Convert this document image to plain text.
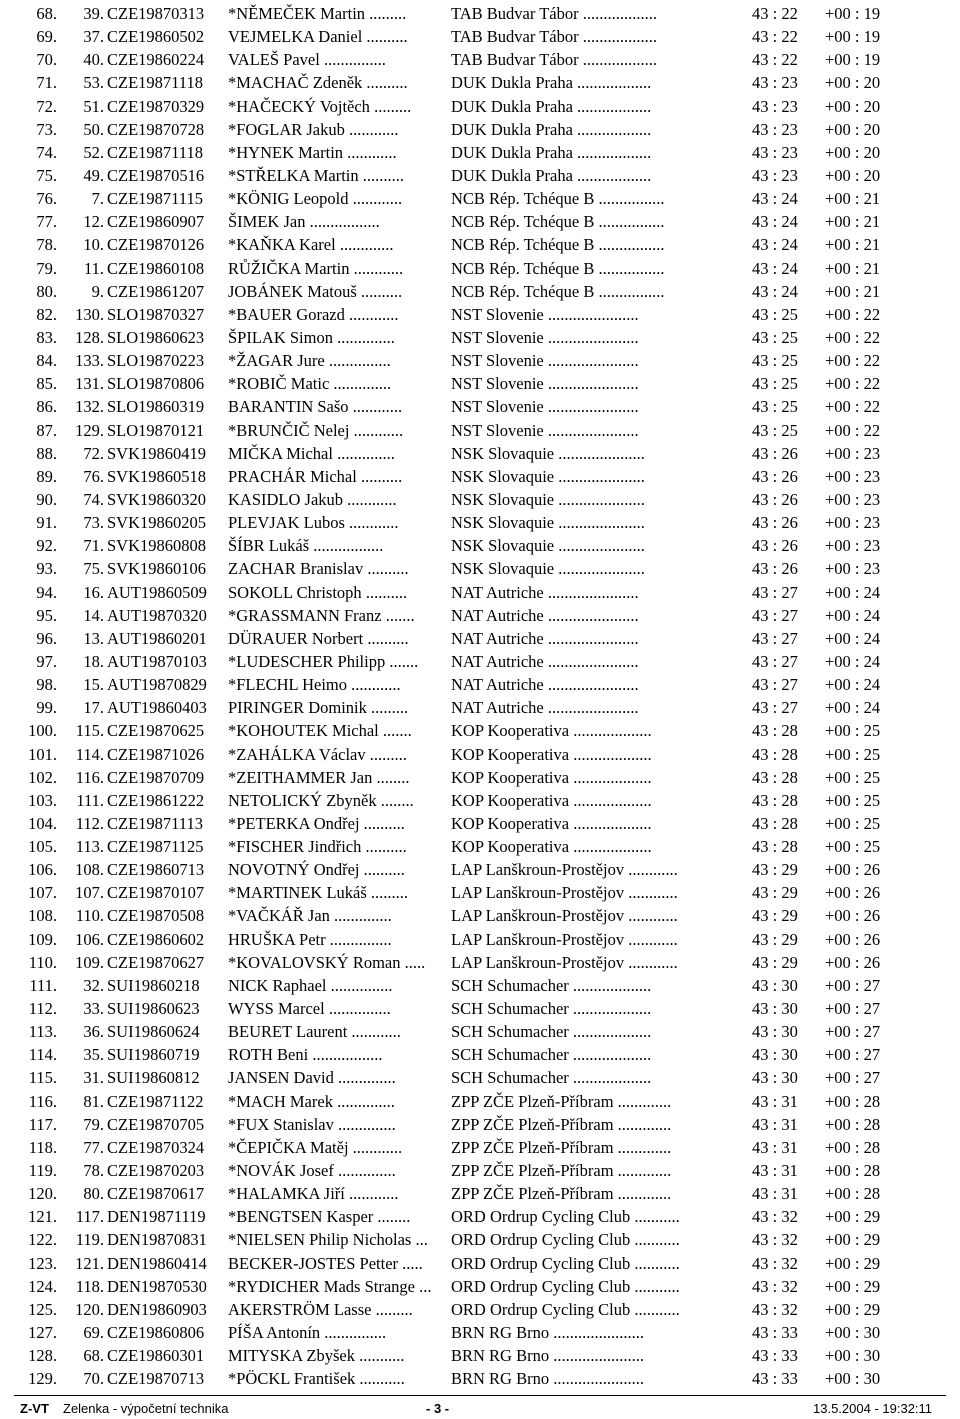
68.	39. CZE19870313 *NĚMEČEK Martin .........	TAB Budvar Tábor ..................	43 : 22 +00 : 19
69.	37. CZE19860502 VEJMELKA Daniel ..........	TAB Budvar Tábor ..................	43 : 22 +00 : 19
70.	40. CZE19860224 VALEŠ Pavel ...............	TAB Budvar Tábor ..................	43 : 22 +00 : 19
71.	53. CZE19871118 *MACHAČ Zdeněk ..........	DUK Dukla Praha ..................	43 : 23 +00 : 20
72.	51. CZE19870329 *HAČECKÝ Vojtěch .........	DUK Dukla Praha ..................	43 : 23 +00 : 20
73.	50. CZE19870728 *FOGLAR Jakub ............	DUK Dukla Praha ..................	43 : 23 +00 : 20
74.	52. CZE19871118 *HYNEK Martin ............	DUK Dukla Praha ..................	43 : 23 +00 : 20
75.	49. CZE19870516 *STŘELKA Martin ..........	DUK Dukla Praha ..................	43 : 23 +00 : 20
76.	7. CZE19871115 *KÖNIG Leopold ............	NCB Rép. Tchéque B ................	43 : 24 +00 : 21
77.	12. CZE19860907 ŠIMEK Jan .................	NCB Rép. Tchéque B ................	43 : 24 +00 : 21
78.	10. CZE19870126 *KAŇKA Karel .............	NCB Rép. Tchéque B ................	43 : 24 +00 : 21
79.	11. CZE19860108 RŮŽIČKA Martin ............	NCB Rép. Tchéque B ................	43 : 24 +00 : 21
80.	9. CZE19861207 JOBÁNEK Matouš ..........	NCB Rép. Tchéque B ................	43 : 24 +00 : 21
82.	130. SLO19870327 *BAUER Gorazd ............	NST Slovenie ......................	43 : 25 +00 : 22
83.	128. SLO19860623 ŠPILAK Simon ..............	NST Slovenie ......................	43 : 25 +00 : 22
84.	133. SLO19870223 *ŽAGAR Jure ...............	NST Slovenie ......................	43 : 25 +00 : 22
85.	131. SLO19870806 *ROBIČ Matic ..............	NST Slovenie ......................	43 : 25 +00 : 22
86.	132. SLO19860319 BARANTIN Sašo ............	NST Slovenie ......................	43 : 25 +00 : 22
87.	129. SLO19870121 *BRUNČIČ Nelej ............	NST Slovenie ......................	43 : 25 +00 : 22
88.	72. SVK19860419 MIČKA Michal ..............	NSK Slovaquie .....................	43 : 26 +00 : 23
89.	76. SVK19860518 PRACHÁR Michal ..........	NSK Slovaquie .....................	43 : 26 +00 : 23
90.	74. SVK19860320 KASIDLO Jakub ............	NSK Slovaquie .....................	43 : 26 +00 : 23
91.	73. SVK19860205 PLEVJAK Lubos ............	NSK Slovaquie .....................	43 : 26 +00 : 23
92.	71. SVK19860808 ŠÍBR Lukáš .................	NSK Slovaquie .....................	43 : 26 +00 : 23
93.	75. SVK19860106 ZACHAR Branislav ..........	NSK Slovaquie .....................	43 : 26 +00 : 23
94.	16. AUT19860509 SOKOLL Christoph ..........	NAT Autriche ......................	43 : 27 +00 : 24
95.	14. AUT19870320 *GRASSMANN Franz .......	NAT Autriche ......................	43 : 27 +00 : 24
96.	13. AUT19860201 DÜRAUER Norbert ..........	NAT Autriche ......................	43 : 27 +00 : 24
97.	18. AUT19870103 *LUDESCHER Philipp .......	NAT Autriche ......................	43 : 27 +00 : 24
98.	15. AUT19870829 *FLECHL Heimo ............	NAT Autriche ......................	43 : 27 +00 : 24
99.	17. AUT19860403 PIRINGER Dominik .........	NAT Autriche ......................	43 : 27 +00 : 24
100.	115. CZE19870625 *KOHOUTEK Michal .......	KOP Kooperativa ...................	43 : 28 +00 : 25
101.	114. CZE19871026 *ZAHÁLKA Václav .........	KOP Kooperativa ...................	43 : 28 +00 : 25
102.	116. CZE19870709 *ZEITHAMMER Jan ........	KOP Kooperativa ...................	43 : 28 +00 : 25
103.	111. CZE19861222 NETOLICKÝ Zbyněk ........	KOP Kooperativa ...................	43 : 28 +00 : 25
104.	112. CZE19871113 *PETERKA Ondřej ..........	KOP Kooperativa ...................	43 : 28 +00 : 25
105.	113. CZE19871125 *FISCHER Jindřich ..........	KOP Kooperativa ...................	43 : 28 +00 : 25
106.	108. CZE19860713 NOVOTNÝ Ondřej ..........	LAP Lanškroun-Prostějov ............	43 : 29 +00 : 26
107.	107. CZE19870107 *MARTINEK Lukáš .........	LAP Lanškroun-Prostějov ............	43 : 29 +00 : 26
108.	110. CZE19870508 *VAČKÁŘ Jan ..............	LAP Lanškroun-Prostějov ............	43 : 29 +00 : 26
109.	106. CZE19860602 HRUŠKA Petr ...............	LAP Lanškroun-Prostějov ............	43 : 29 +00 : 26
110.	109. CZE19870627 *KOVALOVSKÝ Roman .....	LAP Lanškroun-Prostějov ............	43 : 29 +00 : 26
111.	32. SUI19860218 NICK Raphael ...............	SCH Schumacher ...................	43 : 30 +00 : 27
112.	33. SUI19860623 WYSS Marcel ...............	SCH Schumacher ...................	43 : 30 +00 : 27
113.	36. SUI19860624 BEURET Laurent ............	SCH Schumacher ...................	43 : 30 +00 : 27
114.	35. SUI19860719 ROTH Beni .................	SCH Schumacher ...................	43 : 30 +00 : 27
115.	31. SUI19860812 JANSEN David ..............	SCH Schumacher ...................	43 : 30 +00 : 27
116.	81. CZE19871122 *MACH Marek ..............	ZPP ZČE Plzeň-Příbram .............	43 : 31 +00 : 28
117.	79. CZE19870705 *FUX Stanislav ..............	ZPP ZČE Plzeň-Příbram .............	43 : 31 +00 : 28
118.	77. CZE19870324 *ČEPIČKA Matěj ............	ZPP ZČE Plzeň-Příbram .............	43 : 31 +00 : 28
119.	78. CZE19870203 *NOVÁK Josef ..............	ZPP ZČE Plzeň-Příbram .............	43 : 31 +00 : 28
120.	80. CZE19870617 *HALAMKA Jiří ............	ZPP ZČE Plzeň-Příbram .............	43 : 31 +00 : 28
121.	117. DEN19871119 *BENGTSEN Kasper ........	ORD Ordrup Cycling Club ...........	43 : 32 +00 : 29
122.	119. DEN19870831 *NIELSEN Philip Nicholas ...	ORD Ordrup Cycling Club ...........	43 : 32 +00 : 29
123.	121. DEN19860414 BECKER-JOSTES Petter .....	ORD Ordrup Cycling Club ...........	43 : 32 +00 : 29
124.	118. DEN19870530 *RYDICHER Mads Strange ...	ORD Ordrup Cycling Club ...........	43 : 32 +00 : 29
125.	120. DEN19860903 AKERSTRÖM Lasse .........	ORD Ordrup Cycling Club ...........	43 : 32 +00 : 29
127.	69. CZE19860806 PÍŠA Antonín ...............	BRN RG Brno ......................	43 : 33 +00 : 30
128.	68. CZE19860301 MITYSKA Zbyšek ...........	BRN RG Brno ......................	43 : 33 +00 : 30
129.	70. CZE19870713 *PÖCKL František ...........	BRN RG Brno ......................	43 : 33 +00 : 30
Z-VT Zelenka - výpočetní technika	- 3 -	13.5.2004 - 19:32:11
